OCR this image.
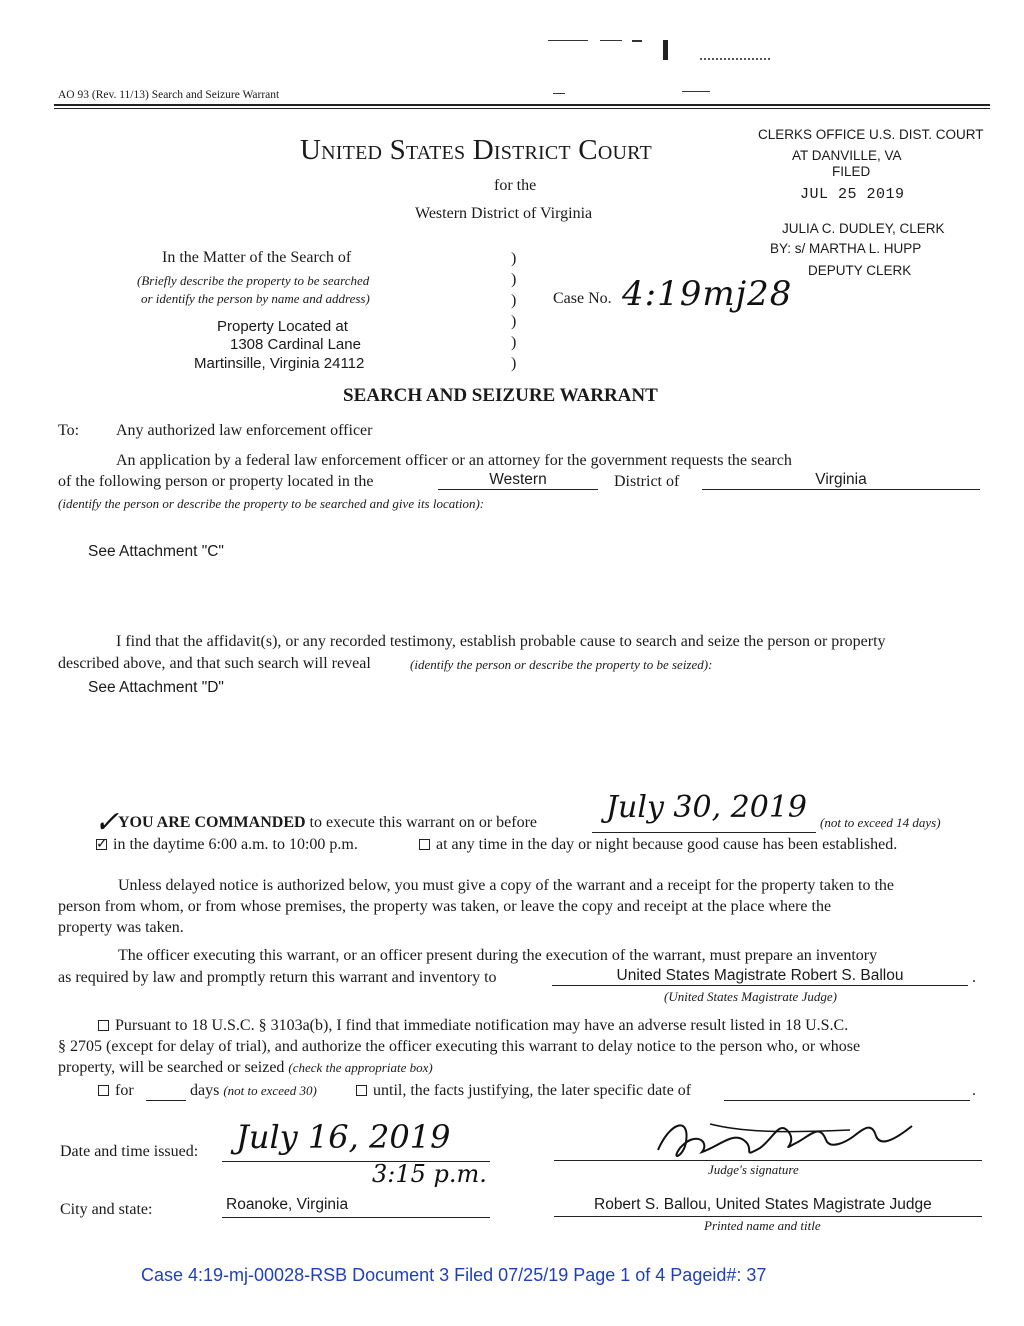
AO 93 (Rev. 11/13) Search and Seizure Warrant
United States District Court
for the
Western District of Virginia
CLERKS OFFICE U.S. DIST. COURT
AT DANVILLE, VA
FILED
JUL 25 2019
JULIA C. DUDLEY, CLERK
BY: s/ MARTHA L. HUPP
DEPUTY CLERK
In the Matter of the Search of
(Briefly describe the property to be searched
or identify the person by name and address)
Property Located at
1308 Cardinal Lane
Martinsille, Virginia 24112
)
)
)
)
)
)
Case No. 4:19mj28
SEARCH AND SEIZURE WARRANT
To: Any authorized law enforcement officer
An application by a federal law enforcement officer or an attorney for the government requests the search
of the following person or property located in the	Western	District of	Virginia
(identify the person or describe the property to be searched and give its location):
See Attachment "C"
I find that the affidavit(s), or any recorded testimony, establish probable cause to search and seize the person or property
described above, and that such search will reveal	(identify the person or describe the property to be seized):
See Attachment "D"
✓
YOU ARE COMMANDED to execute this warrant on or before July 30, 2019 (not to exceed 14 days)
✓in the daytime 6:00 a.m. to 10:00 p.m.	at any time in the day or night because good cause has been established.
Unless delayed notice is authorized below, you must give a copy of the warrant and a receipt for the property taken to the
person from whom, or from whose premises, the property was taken, or leave the copy and receipt at the place where the
property was taken.
The officer executing this warrant, or an officer present during the execution of the warrant, must prepare an inventory
as required by law and promptly return this warrant and inventory to	United States Magistrate Robert S. Ballou	.
(United States Magistrate Judge)
Pursuant to 18 U.S.C. § 3103a(b), I find that immediate notification may have an adverse result listed in 18 U.S.C.
§ 2705 (except for delay of trial), and authorize the officer executing this warrant to delay notice to the person who, or whose
property, will be searched or seized (check the appropriate box)
for	days (not to exceed 30)	until, the facts justifying, the later specific date of	.
Date and time issued: July 16, 2019
3:15 p.m.	Judge's signature
City and state:	Roanoke, Virginia	Robert S. Ballou, United States Magistrate Judge
Printed name and title
Case 4:19-mj-00028-RSB Document 3 Filed 07/25/19 Page 1 of 4 Pageid#: 37
